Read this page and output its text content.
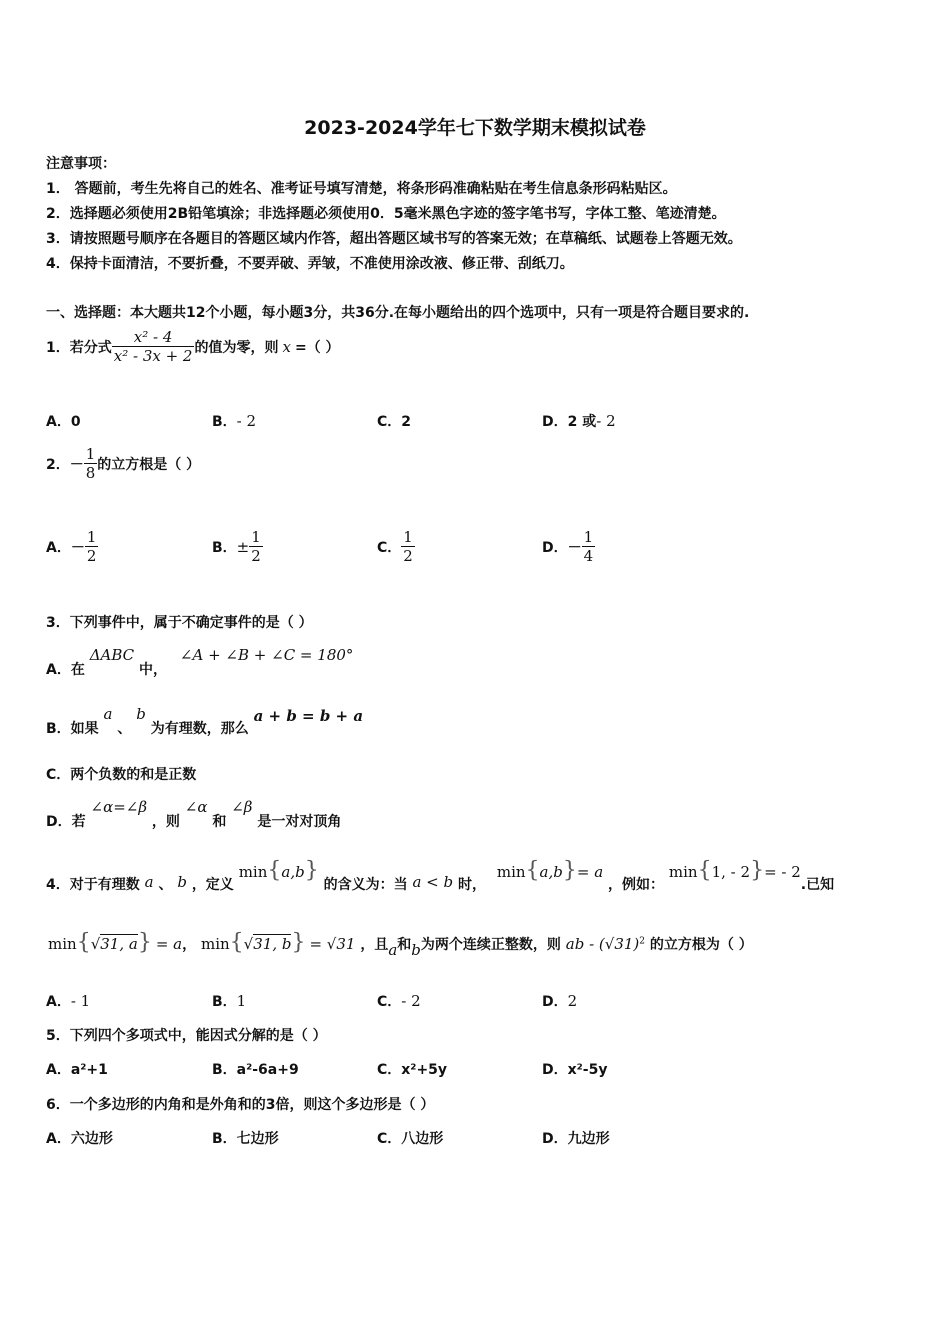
2023-2024学年七下数学期末模拟试卷
注意事项：
1． 答题前，考生先将自己的姓名、准考证号填写清楚，将条形码准确粘贴在考生信息条形码粘贴区。
2．选择题必须使用2B铅笔填涂；非选择题必须使用0．5毫米黑色字迹的签字笔书写，字体工整、笔迹清楚。
3．请按照题号顺序在各题目的答题区域内作答，超出答题区域书写的答案无效；在草稿纸、试题卷上答题无效。
4．保持卡面清洁，不要折叠，不要弄破、弄皱，不准使用涂改液、修正带、刮纸刀。
一、选择题：本大题共12个小题，每小题3分，共36分.在每小题给出的四个选项中，只有一项是符合题目要求的.
1．若分式 $\frac{\text{x² - 4}}{\text{x² - 3x + 2}}$ 的值为零，则 x =（ ）
A．0	B．- 2	C．2	D．2 或- 2
2．－ $\frac{1}{8}$ 的立方根是（ ）
A． － $\frac{1}{2}$	B． ± $\frac{1}{2}$	C． $\frac{1}{2}$	D． － $\frac{1}{4}$
3．下列事件中，属于不确定事件的是（ ）
A．在 ΔABC 中， ∠A + ∠B + ∠C = 180°
B．如果 a 、 b 为有理数，那么 a + b = b + a
C．两个负数的和是正数
D．若 ∠α=∠β ，则 ∠α 和 ∠β 是一对对顶角
4．对于有理数 a 、 b ，定义 min{a,b} 的含义为：当 a < b 时， min{a,b}= a ，例如： min{1, - 2}= - 2.已知
min{√31, a} = a， min{√31, b} = √31 ，且a和b为两个连续正整数，则 ab - $(√31)^2$ 的立方根为（ ）
A．- 1	B．1	C．- 2	D．2
5．下列四个多项式中，能因式分解的是（ ）
A．a²+1	B．a²-6a+9	C．x²+5y	D．x²-5y
6．一个多边形的内角和是外角和的3倍，则这个多边形是（ ）
A．六边形	B．七边形	C．八边形	D．九边形
